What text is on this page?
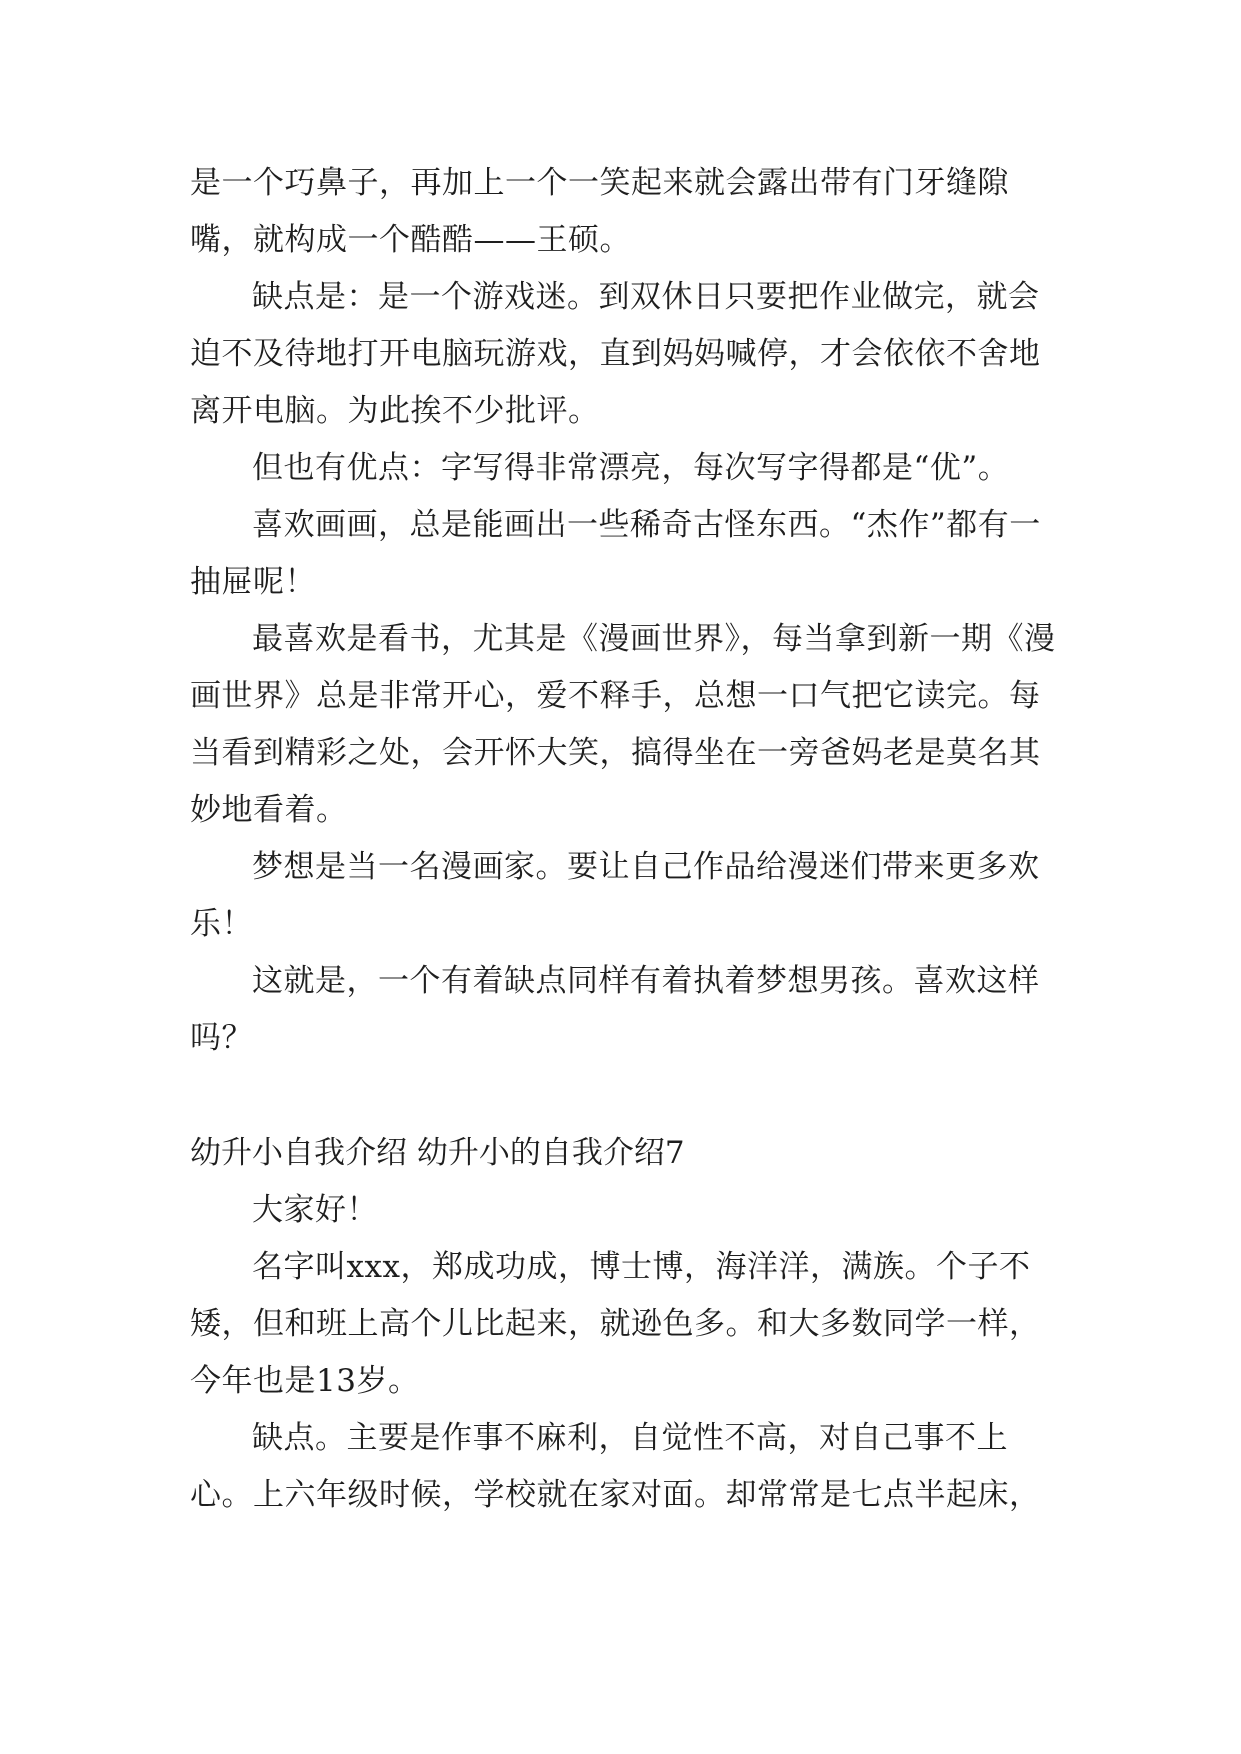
是一个巧鼻子，再加上一个一笑起来就会露出带有门牙缝隙嘴，就构成一个酷酷——王硕。

缺点是：是一个游戏迷。到双休日只要把作业做完，就会迫不及待地打开电脑玩游戏，直到妈妈喊停，才会依依不舍地离开电脑。为此挨不少批评。

但也有优点：字写得非常漂亮，每次写字得都是“优”。

喜欢画画，总是能画出一些稀奇古怪东西。“杰作”都有一抽屉呢！

最喜欢是看书，尤其是《漫画世界》，每当拿到新一期《漫画世界》总是非常开心，爱不释手，总想一口气把它读完。每当看到精彩之处，会开怀大笑，搞得坐在一旁爸妈老是莫名其妙地看着。

梦想是当一名漫画家。要让自己作品给漫迷们带来更多欢乐！

这就是，一个有着缺点同样有着执着梦想男孩。喜欢这样吗？

幼升小自我介绍 幼升小的自我介绍7

大家好！

名字叫xxx，郑成功成，博士博，海洋洋，满族。个子不矮，但和班上高个儿比起来，就逊色多。和大多数同学一样，今年也是13岁。

缺点。主要是作事不麻利，自觉性不高，对自己事不上心。上六年级时候，学校就在家对面。却常常是七点半起床，
